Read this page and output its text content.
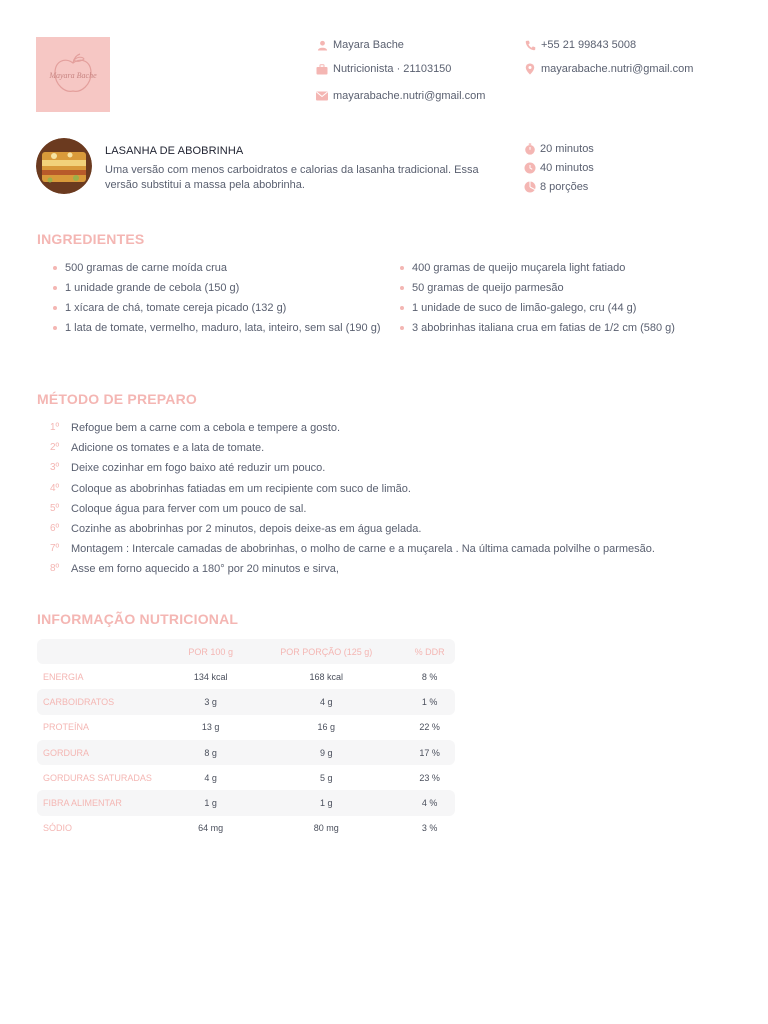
Mayara Bache
Mayara Bache
Nutricionista · 21103150
mayarabache.nutri@gmail.com
+55 21 99843 5008
mayarabache.nutri@gmail.com
LASANHA DE ABOBRINHA
Uma versão com menos carboidratos e calorias da lasanha tradicional. Essa versão substitui a massa pela abobrinha.
20 minutos
40 minutos
8 porções
INGREDIENTES
500 gramas de carne moída crua
1 unidade grande de cebola (150 g)
1 xícara de chá, tomate cereja picado (132 g)
1 lata de tomate, vermelho, maduro, lata, inteiro, sem sal (190 g)
400 gramas de queijo muçarela light fatiado
50 gramas de queijo parmesão
1 unidade de suco de limão-galego, cru (44 g)
3 abobrinhas italiana crua em fatias de 1/2 cm (580 g)
MÉTODO DE PREPARO
1º	Refogue bem a carne com a cebola e tempere a gosto.
2º	Adicione os tomates e a lata de tomate.
3º	Deixe cozinhar em fogo baixo até reduzir um pouco.
4º	Coloque as abobrinhas fatiadas em um recipiente com suco de limão.
5º	Coloque água para ferver com um pouco de sal.
6º	Cozinhe as abobrinhas por 2 minutos, depois deixe-as em água gelada.
7º	Montagem : Intercale camadas de abobrinhas, o molho de carne e a muçarela . Na última camada polvilhe o parmesão.
8º	Asse em forno aquecido a 180° por 20 minutos e sirva,
INFORMAÇÃO NUTRICIONAL
	POR 100 g	POR PORÇÃO (125 g)	% DDR
ENERGIA	134 kcal	168 kcal	8 %
CARBOIDRATOS	3 g	4 g	1 %
PROTEÍNA	13 g	16 g	22 %
GORDURA	8 g	9 g	17 %
GORDURAS SATURADAS	4 g	5 g	23 %
FIBRA ALIMENTAR	1 g	1 g	4 %
SÓDIO	64 mg	80 mg	3 %
